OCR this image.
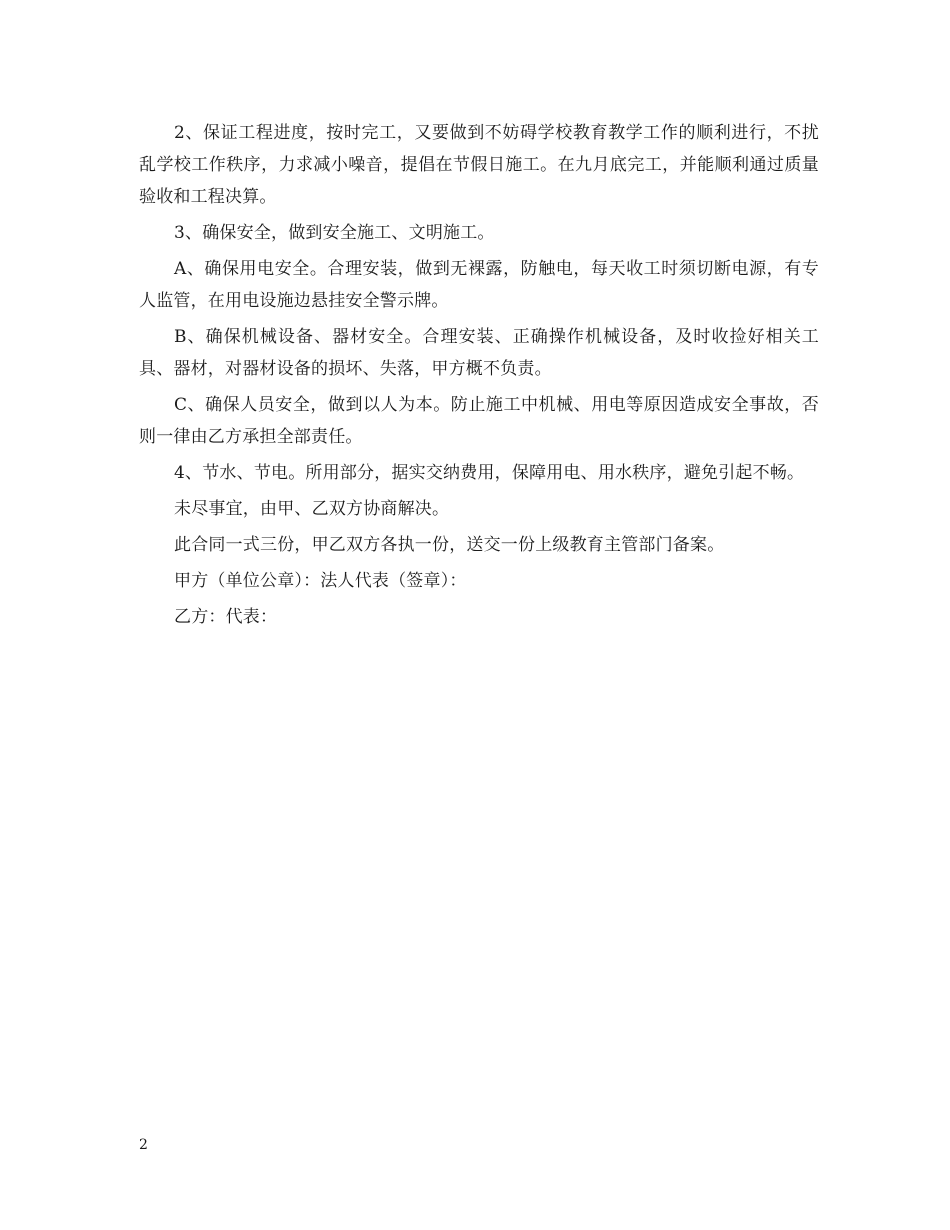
2、保证工程进度，按时完工，又要做到不妨碍学校教育教学工作的顺利进行，不扰乱学校工作秩序，力求减小噪音，提倡在节假日施工。在九月底完工，并能顺利通过质量验收和工程决算。

3、确保安全，做到安全施工、文明施工。

A、确保用电安全。合理安装，做到无裸露，防触电，每天收工时须切断电源，有专人监管，在用电设施边悬挂安全警示牌。

B、确保机械设备、器材安全。合理安装、正确操作机械设备，及时收捡好相关工具、器材，对器材设备的损坏、失落，甲方概不负责。

C、确保人员安全，做到以人为本。防止施工中机械、用电等原因造成安全事故，否则一律由乙方承担全部责任。

4、节水、节电。所用部分，据实交纳费用，保障用电、用水秩序，避免引起不畅。

未尽事宜，由甲、乙双方协商解决。

此合同一式三份，甲乙双方各执一份，送交一份上级教育主管部门备案。

甲方（单位公章）：法人代表（签章）：

乙方：代表：

2
